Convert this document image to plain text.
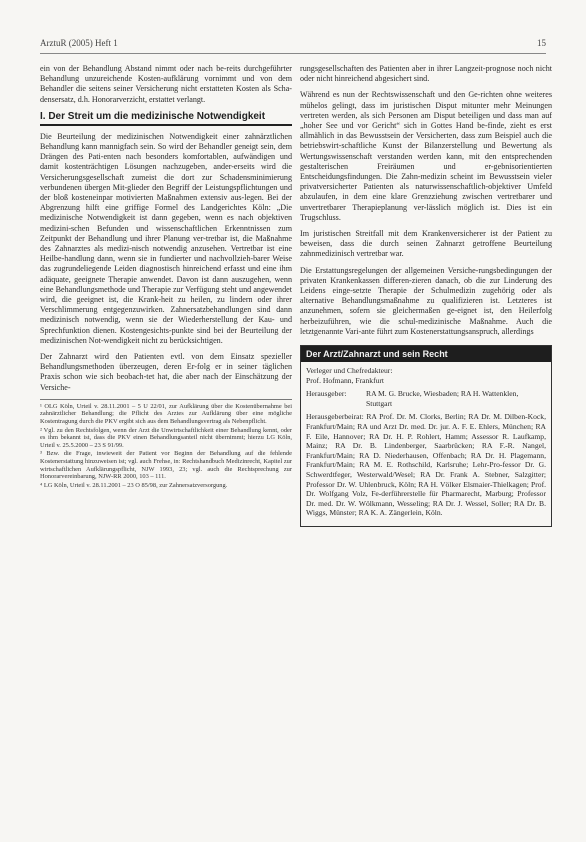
ArztuR (2005) Heft 1	15

ein von der Behandlung Abstand nimmt oder nach be-reits durchgeführter Behandlung unzureichende Kosten-aufklärung vornimmt und von dem Behandler die seitens seiner Versicherung nicht erstatteten Kosten als Scha-densersatz, d.h. Honorarverzicht, erstattet verlangt.

I. Der Streit um die medizinische Notwendigkeit

Die Beurteilung der medizinischen Notwendigkeit einer zahnärztlichen Behandlung kann mannigfach sein. So wird der Behandler geneigt sein, dem Drängen des Pati-enten nach besonders komfortablen, aufwändigen und damit kostenträchtigen Lösungen nachzugeben, ander-erseits wird die Versicherungsgesellschaft zumeist die dort zur Schadensminimierung verbundenen übergen Mit-glieder den Begriff der Leistungspflichtungen und der bloß kosteneinpar motivierten Maßnahmen extensiv aus-legen. Bei der Abgrenzung hilft eine griffige Formel des Landgerichtes Köln: „Die medizinische Notwendigkeit ist dann gegeben, wenn es nach objektiven medizini-schen Befunden und wissenschaftlichen Erkenntnissen zum Zeitpunkt der Behandlung und ihrer Planung ver-tretbar ist, die Maßnahme des Zahnarztes als medizi-nisch notwendig anzusehen. Vertretbar ist eine Heilbe-handlung dann, wenn sie in fundierter und nachvollzieh-barer Weise das zugrundeliegende Leiden diagnostisch hinreichend erfasst und eine ihm adäquate, geeignete Therapie anwendet. Davon ist dann auszugehen, wenn eine Behandlungsmethode und Therapie zur Verfügung steht und angewendet wird, die geeignet ist, die Krank-heit zu heilen, zu lindern oder ihrer Verschlimmerung entgegenzuwirken. Zahnersatzbehandlungen sind dann medizinisch notwendig, wenn sie der Wiederherstellung der Kau- und Sprechfunktion dienen. Kostengesichts-punkte sind bei der Beurteilung der medizinischen Not-wendigkeit nicht zu berücksichtigen.

Der Zahnarzt wird den Patienten evtl. von dem Einsatz spezieller Behandlungsmethoden überzeugen, deren Er-folg er in seiner täglichen Praxis schon wie sich beobach-tet hat, die aber nach der Einschätzung der Versiche-

¹ OLG Köln, Urteil v. 28.11.2001 – 5 U 22/01, zur Aufklärung über die Kostenübernahme bei zahnärztlicher Behandlung; die Pflicht des Arztes zur Aufklärung über eine mögliche Kostentragung durch die PKV ergibt sich aus dem Behandlungsvertrag als Nebenpflicht.

² Vgl. zu den Rechtsfolgen, wenn der Arzt die Unwirtschaftlichkeit einer Behandlung kennt, oder es ihm bekannt ist, dass die PKV einen Behandlungsanteil nicht übernimmt; hierzu LG Köln, Urteil v. 25.5.2000 – 23 S 91/99.

³ Bzw. die Frage, inwieweit der Patient vor Beginn der Behandlung auf die fehlende Kostenerstattung hinzuweisen ist; vgl. auch Frehse, in: Rechtshandbuch Medizinrecht, Kapitel zur wirtschaftlichen Aufklärungspflicht, NJW 1993, 23; vgl. auch die Rechtsprechung zur Honorarvereinbarung, NJW-RR 2000, 103 – 111.

⁴ LG Köln, Urteil v. 28.11.2001 – 23 O 85/98, zur Zahnersatzversorgung.

rungsgesellschaften des Patienten aber in ihrer Langzeit-prognose noch nicht oder nicht hinreichend abgesichert sind.

Während es nun der Rechtswissenschaft und den Ge-richten ohne weiteres mühelos gelingt, dass im juristischen Disput mitunter mehr Meinungen vertreten werden, als sich Personen am Disput beteiligen und dass man auf „hoher See und vor Gericht“ sich in Gottes Hand be-finde, zieht es erst allmählich in das Bewusstsein der Versicherten, dass zum Beispiel auch die betriebswirt-schaftliche Kunst der Bilanzerstellung und Bewertung als Wertungswissenschaft verstanden werden kann, mit den entsprechenden gestalterischen Freiräumen und er-gebnisorientierten Entscheidungsfindungen. Die Zahn-medizin scheint im Bewusstsein vieler privatversicherter Patienten als naturwissenschaftlich-objektiver Umfeld abzulaufen, in dem eine klare Grenzziehung zwischen vertretbarer und unvertretbarer Therapieplanung ver-lässlich möglich ist. Dies ist ein Trugschluss.

Im juristischen Streitfall mit dem Krankenversicherer ist der Patient zu beweisen, dass die durch seinen Zahnarzt getroffene Beurteilung zahnmedizinisch vertretbar war.

Die Erstattungsregelungen der allgemeinen Versiche-rungsbedingungen der privaten Krankenkassen differen-zieren danach, ob die zur Linderung des Leidens einge-setzte Therapie der Schulmedizin zugehörig oder als alternative Behandlungsmaßnahme zu qualifizieren ist. Letzteres ist anzunehmen, sofern sie gleichermaßen ge-eignet ist, den Heilerfolg herbeizuführen, wie die schul-medizinische Maßnahme. Auch die letztgenannte Vari-ante führt zum Kostenerstattungsanspruch, allerdings

Der Arzt/Zahnarzt und sein Recht
Verleger und Chefredakteur:
Prof. Hofmann, Frankfurt
Herausgeber:	RA M. G. Brucke, Wiesbaden; RA H. Wattenklen, Stuttgart

Herausgeberbeirat: RA Prof. Dr. M. Clorks, Berlin; RA Dr. M. Dilben-Kock, Frankfurt/Main; RA und Arzt Dr. med. Dr. jur. A. F. E. Ehlers, München; RA F. Eile, Hannover; RA Dr. H. P. Rohlert, Hamm; Assessor R. Laufkamp, Mainz; RA Dr. B. Lindenberger, Saarbrücken; RA F.-R. Nangel, Frankfurt/Main; RA D. Niederhausen, Offenbach; RA Dr. H. Plagemann, Frankfurt/Main; RA M. E. Rothschild, Karlsruhe; Lehr-Pro-fessor Dr. G. Schwerdtfeger, Westerwald/Wesel; RA Dr. Frank A. Stebner, Salzgitter; Professor Dr. W. Uhlenbruck, Köln; RA H. Völker Elsmaier-Thielkagen; Prof. Dr. Wolfgang Volz, Fe-derführerstelle für Pharmarecht, Marburg; Professor Dr. med. Dr. W. Wölkmann, Wesseling; RA Dr. J. Wessel, Soller; RA Dr. B. Wiggs, Münster; RA K. A. Zängerlein, Köln.
